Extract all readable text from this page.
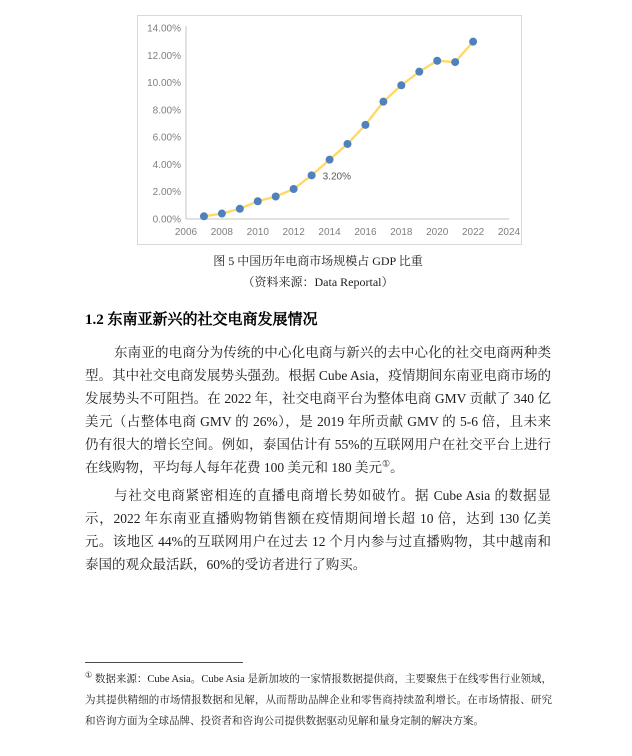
0.00%
2.00%
4.00%
6.00%
8.00%
10.00%
12.00%
14.00%
2006 2008 2010 2012 2014 2016 2018 2020 2022 2024
3.20%
图 5 中国历年电商市场规模占 GDP 比重
（资料来源：Data Reportal）
1.2 东南亚新兴的社交电商发展情况

东南亚的电商分为传统的中心化电商与新兴的去中心化的社交电商两种类型。其中社交电商发展势头强劲。根据 Cube Asia，疫情期间东南亚电商市场的发展势头不可阻挡。在 2022 年，社交电商平台为整体电商 GMV 贡献了 340 亿美元（占整体电商 GMV 的 26%），是 2019 年所贡献 GMV 的 5-6 倍，且未来仍有很大的增长空间。例如，泰国估计有 55%的互联网用户在社交平台上进行在线购物，平均每人每年花费 100 美元和 180 美元①。

与社交电商紧密相连的直播电商增长势如破竹。据 Cube Asia 的数据显示，2022 年东南亚直播购物销售额在疫情期间增长超 10 倍，达到 130 亿美元。该地区 44%的互联网用户在过去 12 个月内参与过直播购物，其中越南和泰国的观众最活跃，60%的受访者进行了购买。

① 数据来源：Cube Asia。Cube Asia 是新加坡的一家情报数据提供商，主要聚焦于在线零售行业领域，为其提供精细的市场情报数据和见解，从而帮助品牌企业和零售商持续盈利增长。在市场情报、研究和咨询方面为全球品牌、投资者和咨询公司提供数据驱动见解和量身定制的解决方案。
